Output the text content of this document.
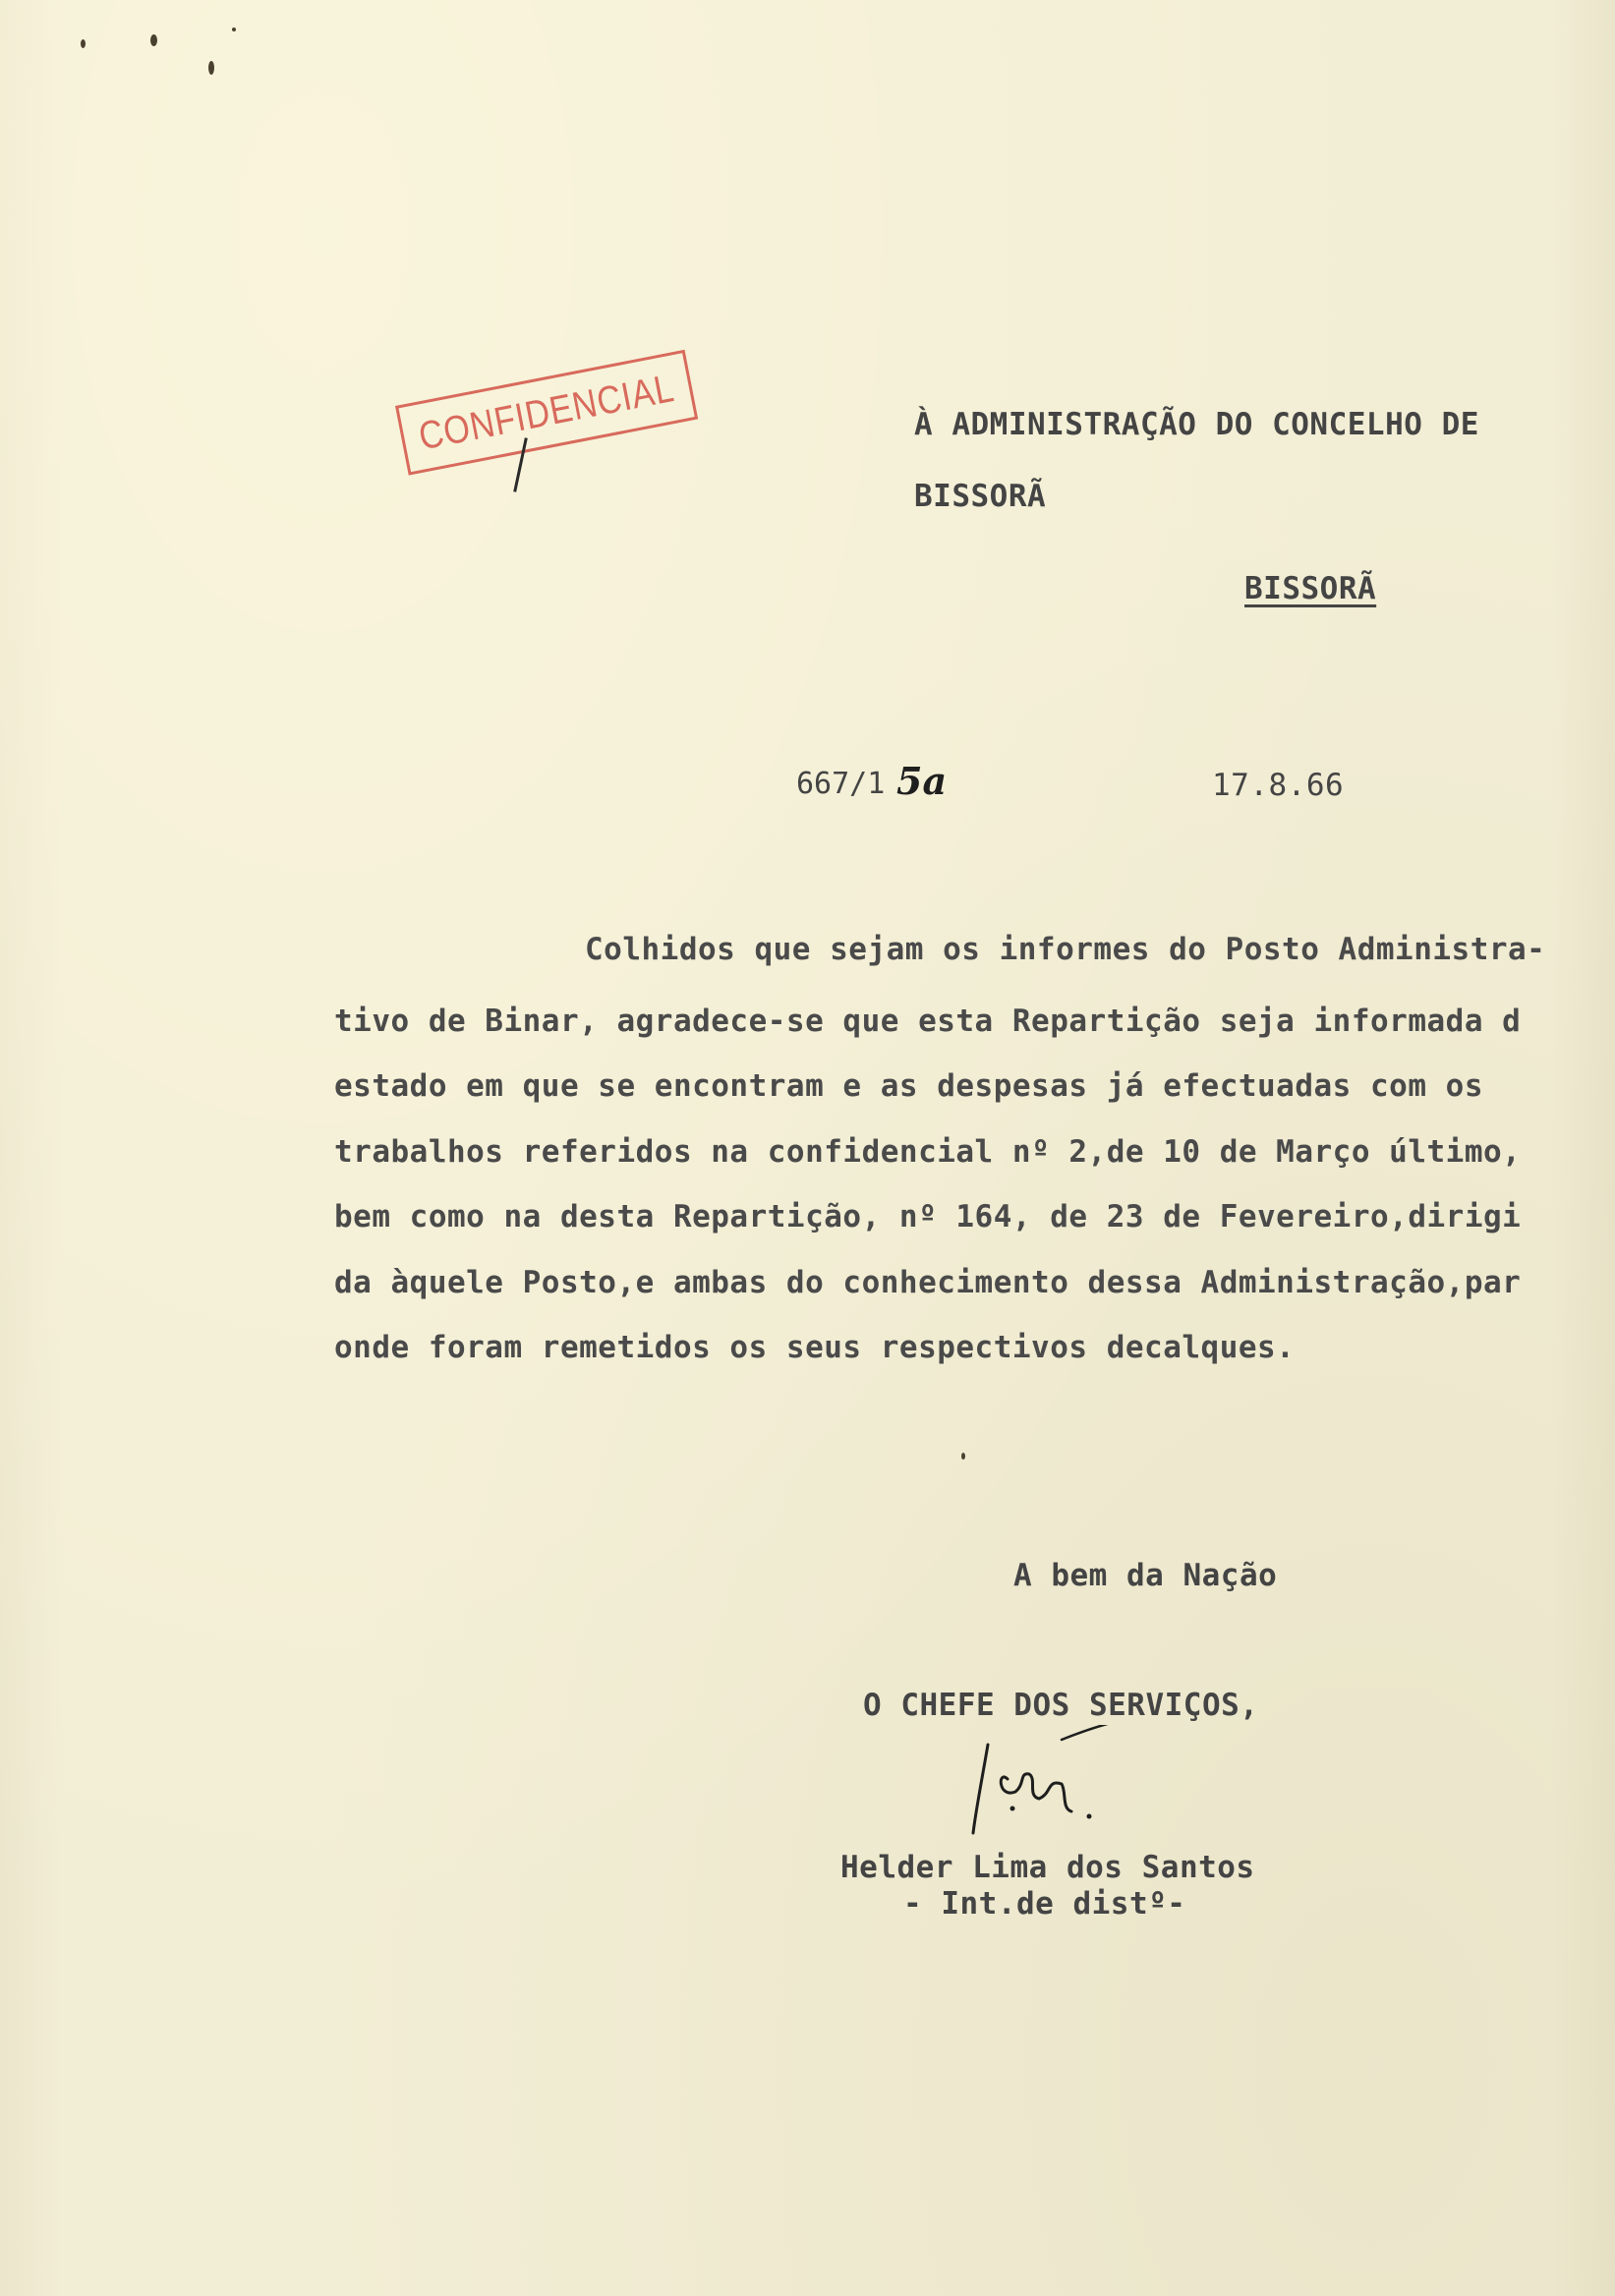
CONFIDENCIAL	À ADMINISTRAÇÃO DO CONCELHO DE
BISSORÃ
BISSORÃ
667/1 5a	17.8.66
Colhidos que sejam os informes do Posto Administra-
tivo de Binar, agradece-se que esta Repartição seja informada d
estado em que se encontram e as despesas já efectuadas com os
trabalhos referidos na confidencial nº 2,de 10 de Março último,
bem como na desta Repartição, nº 164, de 23 de Fevereiro,dirigi
da àquele Posto,e ambas do conhecimento dessa Administração,par
onde foram remetidos os seus respectivos decalques.
A bem da Nação
O CHEFE DOS SERVIÇOS,
Helder Lima dos Santos
- Int.de distº-
